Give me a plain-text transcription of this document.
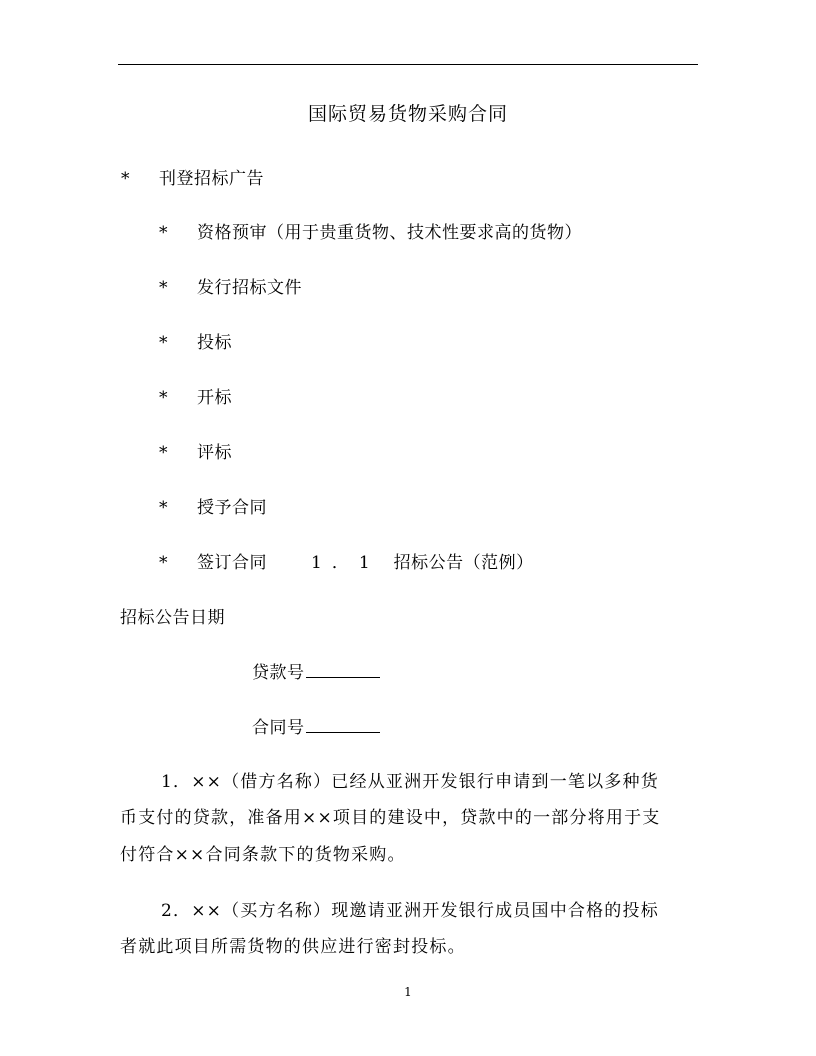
国际贸易货物采购合同
* 刊登招标广告
* 资格预审（用于贵重货物、技术性要求高的货物）
* 发行招标文件
* 投标
* 开标
* 评标
* 授予合同
* 签订合同	1．1 招标公告（范例）
招标公告日期
贷款号
合同号
1．××（借方名称）已经从亚洲开发银行申请到一笔以多种货
币支付的贷款，准备用××项目的建设中，贷款中的一部分将用于支
付符合××合同条款下的货物采购。
2．××（买方名称）现邀请亚洲开发银行成员国中合格的投标
者就此项目所需货物的供应进行密封投标。
1
